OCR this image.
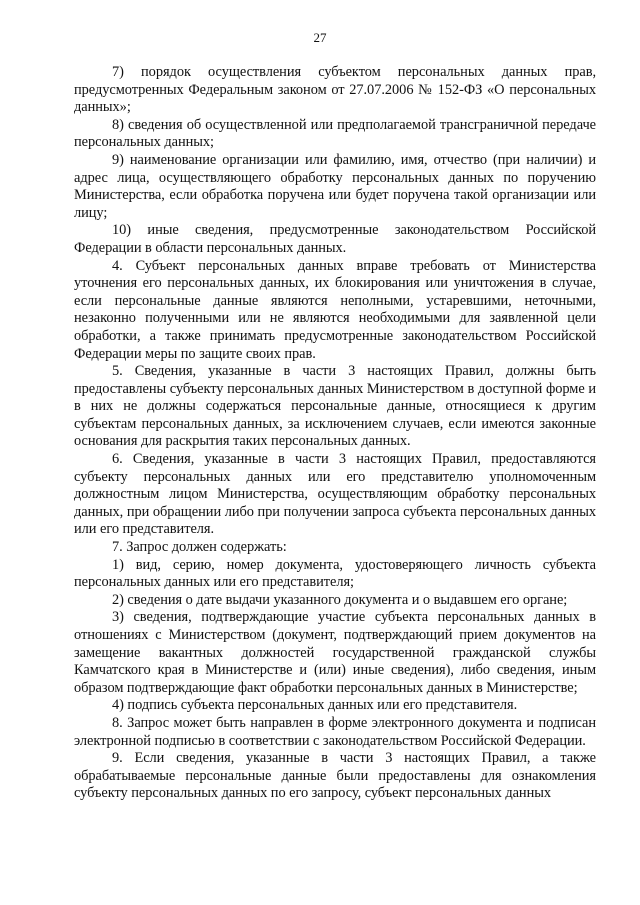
27

7) порядок осуществления субъектом персональных данных прав, предусмотренных Федеральным законом от 27.07.2006 № 152-ФЗ «О персональных данных»;

8) сведения об осуществленной или предполагаемой трансграничной передаче персональных данных;

9) наименование организации или фамилию, имя, отчество (при наличии) и адрес лица, осуществляющего обработку персональных данных по поручению Министерства, если обработка поручена или будет поручена такой организации или лицу;

10) иные сведения, предусмотренные законодательством Российской Федерации в области персональных данных.

4. Субъект персональных данных вправе требовать от Министерства уточнения его персональных данных, их блокирования или уничтожения в случае, если персональные данные являются неполными, устаревшими, неточными, незаконно полученными или не являются необходимыми для заявленной цели обработки, а также принимать предусмотренные законодательством Российской Федерации меры по защите своих прав.

5. Сведения, указанные в части 3 настоящих Правил, должны быть предоставлены субъекту персональных данных Министерством в доступной форме и в них не должны содержаться персональные данные, относящиеся к другим субъектам персональных данных, за исключением случаев, если имеются законные основания для раскрытия таких персональных данных.

6. Сведения, указанные в части 3 настоящих Правил, предоставляются субъекту персональных данных или его представителю уполномоченным должностным лицом Министерства, осуществляющим обработку персональных данных, при обращении либо при получении запроса субъекта персональных данных или его представителя.

7. Запрос должен содержать:

1) вид, серию, номер документа, удостоверяющего личность субъекта персональных данных или его представителя;

2) сведения о дате выдачи указанного документа и о выдавшем его органе;

3) сведения, подтверждающие участие субъекта персональных данных в отношениях с Министерством (документ, подтверждающий прием документов на замещение вакантных должностей государственной гражданской службы Камчатского края в Министерстве и (или) иные сведения), либо сведения, иным образом подтверждающие факт обработки персональных данных в Министерстве;

4) подпись субъекта персональных данных или его представителя.

8. Запрос может быть направлен в форме электронного документа и подписан электронной подписью в соответствии с законодательством Российской Федерации.

9. Если сведения, указанные в части 3 настоящих Правил, а также обрабатываемые персональные данные были предоставлены для ознакомления субъекту персональных данных по его запросу, субъект персональных данных
